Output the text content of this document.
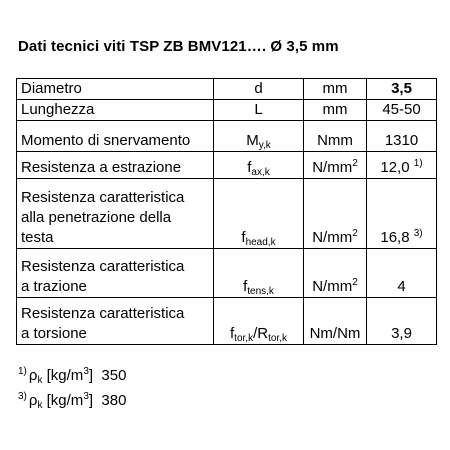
Dati tecnici viti TSP ZB BMV121…. Ø 3,5 mm
Diametro	d	mm	3,5
Lunghezza	L	mm	45-50
Momento di snervamento	$M_{y,k}$	Nmm	1310
Resistenza a estrazione	$f_{ax,k}$	$N/mm^2$	12,0 $^{1)}$

Resistenza caratteristica
alla penetrazione della
testa	$f_{head,k}$	$N/mm^2$	16,8 $^{3)}$

Resistenza caratteristica
a trazione	$f_{tens,k}$	$N/mm^2$	4

Resistenza caratteristica
a torsione	$f_{tor,k}/R_{tor,k}$	Nm/Nm	3,9
$^{1)}$ $\rho_k$ $[kg/m^3]$ 350
$^{3)}$ $\rho_k$ $[kg/m^3]$ 380
